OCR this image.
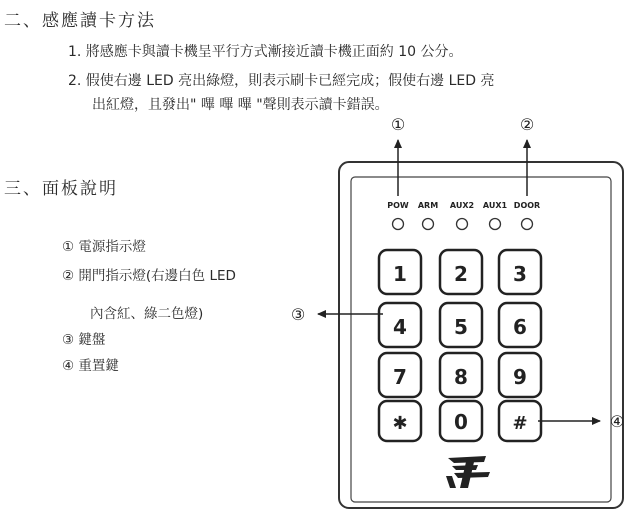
二、感應讀卡方法
1. 將感應卡與讀卡機呈平行方式漸接近讀卡機正面約 10 公分。
2. 假使右邊 LED 亮出綠燈，則表示刷卡已經完成；假使右邊 LED 亮
出紅燈，且發出" 嗶 嗶 嗶 "聲則表示讀卡錯誤。
三、面板說明
① 電源指示燈
② 開門指示燈(右邊白色 LED
內含紅、綠二色燈)
③ 鍵盤
④ 重置鍵
①	②
POW ARM AUX2 AUX1 DOOR
1 2 3
4 5 6
7 8 9
✱ 0 #
③
④
